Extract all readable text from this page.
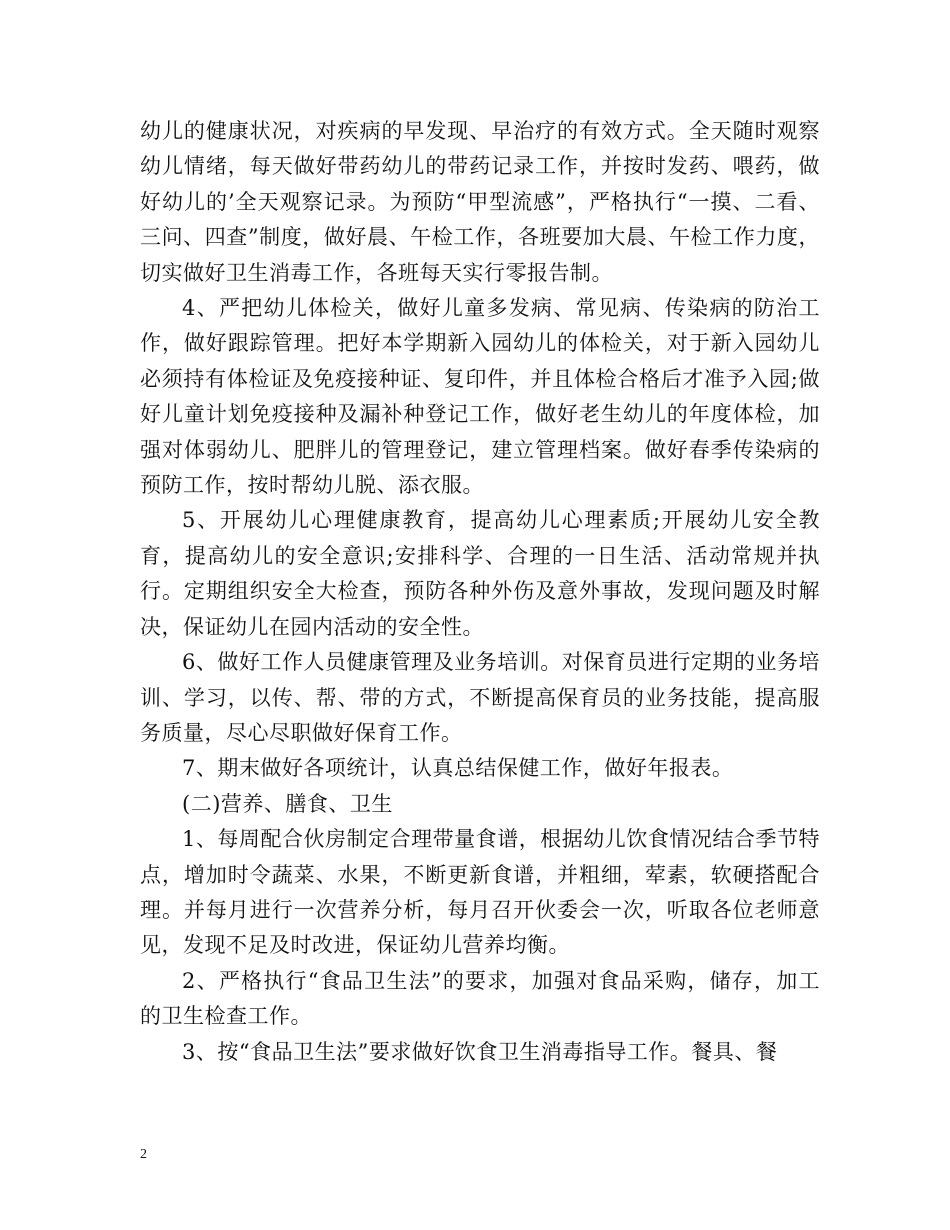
幼儿的健康状况，对疾病的早发现、早治疗的有效方式。全天随时观察幼儿情绪，每天做好带药幼儿的带药记录工作，并按时发药、喂药，做好幼儿的’全天观察记录。为预防“甲型流感”，严格执行“一摸、二看、三问、四查”制度，做好晨、午检工作，各班要加大晨、午检工作力度，切实做好卫生消毒工作，各班每天实行零报告制。

4、严把幼儿体检关，做好儿童多发病、常见病、传染病的防治工作，做好跟踪管理。把好本学期新入园幼儿的体检关，对于新入园幼儿必须持有体检证及免疫接种证、复印件，并且体检合格后才准予入园;做好儿童计划免疫接种及漏补种登记工作，做好老生幼儿的年度体检，加强对体弱幼儿、肥胖儿的管理登记，建立管理档案。做好春季传染病的预防工作，按时帮幼儿脱、添衣服。

5、开展幼儿心理健康教育，提高幼儿心理素质;开展幼儿安全教育，提高幼儿的安全意识;安排科学、合理的一日生活、活动常规并执行。定期组织安全大检查，预防各种外伤及意外事故，发现问题及时解决，保证幼儿在园内活动的安全性。

6、做好工作人员健康管理及业务培训。对保育员进行定期的业务培训、学习，以传、帮、带的方式，不断提高保育员的业务技能，提高服务质量，尽心尽职做好保育工作。

7、期末做好各项统计，认真总结保健工作，做好年报表。

(二)营养、膳食、卫生

1、每周配合伙房制定合理带量食谱，根据幼儿饮食情况结合季节特点，增加时令蔬菜、水果，不断更新食谱，并粗细，荤素，软硬搭配合理。并每月进行一次营养分析，每月召开伙委会一次，听取各位老师意见，发现不足及时改进，保证幼儿营养均衡。

2、严格执行“食品卫生法”的要求，加强对食品采购，储存，加工的卫生检查工作。

3、按“食品卫生法”要求做好饮食卫生消毒指导工作。餐具、餐

2
